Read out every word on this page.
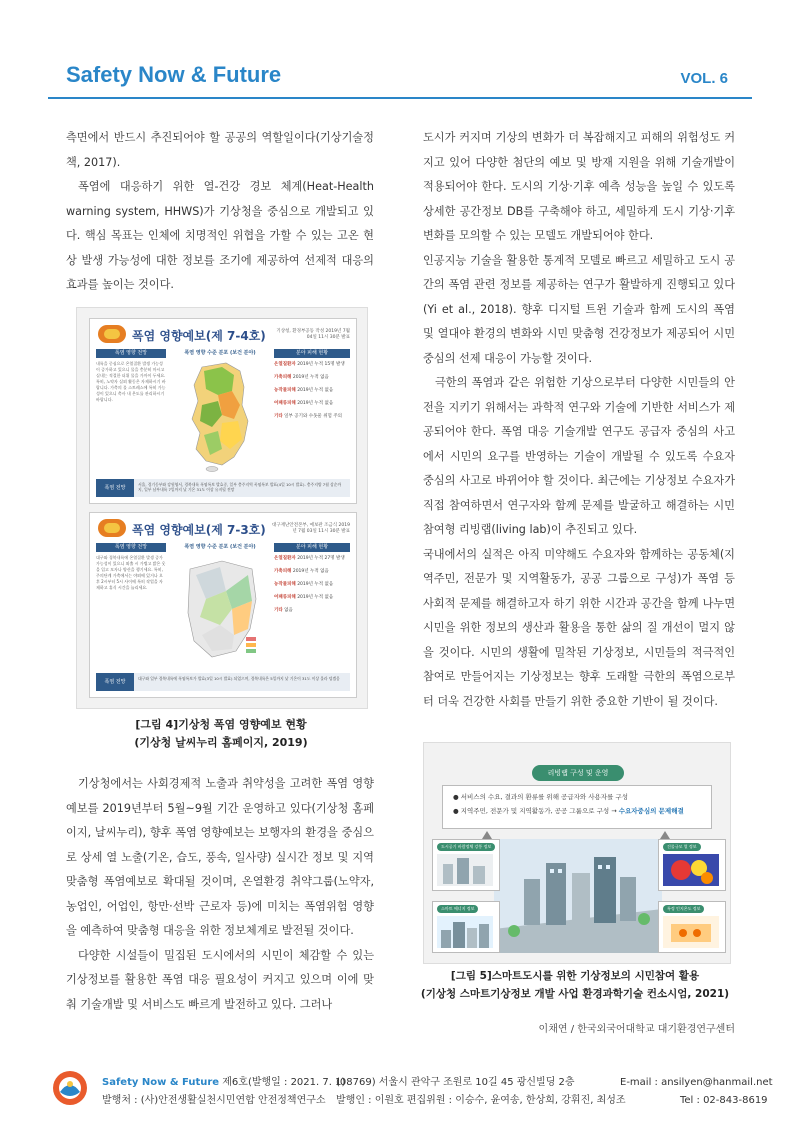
Safety Now & Future	VOL. 6

측면에서 반드시 추진되어야 할 공공의 역할일이다(기상기술정책, 2017).

폭염에 대응하기 위한 열-건강 경보 체계(Heat-Health warning system, HHWS)가 기상청을 중심으로 개발되고 있다. 핵심 목표는 인체에 치명적인 위협을 가할 수 있는 고온 현상 발생 가능성에 대한 정보를 조기에 제공하여 선제적 대응의 효과를 높이는 것이다.

폭염 영향예보(제 7-4호)	기상청, 환경부공동 작성 2019년 7월 04일 11시 30분 발표
폭염 영향 전망	폭염 영향 수준 분포 (보건 분야)	분야 피해 현황
내륙을 중심으로 온열질환 발생 가능성이 증가하고 있으니 물을 충분히 마시고 실내는 적절한 더위 물을 가까이 두세요. 특히, 노약자 실외 활동은 자제하시기 바랍니다. 가축의 물 스트레스에 특히 가능성이 있으니 축사 내 온도를 관리하시기 바랍니다.
온열질환자 2019년 누적 15명 발생
가축피해 2019년 누적 없음
농작물피해 2019년 누적 없음
어패류피해 2019년 누적 없음
기타 일부 공기와 수돗물 위험 주의
폭염 전망
서울, 경기동부와 강원영서, 경북내륙 폭염특보 발효중, 일부 충주지역 폭염특보 발표(4일 10시 발효). 충주지방 7월 상순까지, 일부 남부내륙 7일까지 낮 기온 31도 이상 유지될 전망
폭염 영향예보(제 7-3호)	대구재난안전본부, 예보관 조금식 2019년 7월 03일 11시 30분 발표
폭염 영향 전망	폭염 영향 수준 분포 (보건 분야)	분야 피해 현황
대구와 경북내륙에 온열질환 발생 증가 가능성이 있으니 외출 시 가볍고 밝은 옷을 입고 모자나 양산을 챙기세요. 특히, 주의단계 가축에서는 야외에 있거나 오후 2시부터 5시 사이에 특히 작업을 자제하고 휴식 시간을 늘리세요.
온열질환자 2019년 누적 27명 발생
가축피해 2019년 누적 없음
농작물피해 2019년 누적 없음
어패류피해 2019년 누적 없음
기타 없음
폭염 전망
대구와 일부 경북내륙에 폭염특보가 발효(3일 10시 발효) 되었으며, 경북내륙은 5일까지 낮 기온이 31도 이상 올라 덥겠음
[그림 4]기상청 폭염 영향예보 현황
(기상청 날씨누리 홈페이지, 2019)

기상청에서는 사회경제적 노출과 취약성을 고려한 폭염 영향예보를 2019년부터 5월~9월 기간 운영하고 있다(기상청 홈페이지, 날씨누리), 향후 폭염 영향예보는 보행자의 환경을 중심으로 상세 열 노출(기온, 습도, 풍속, 일사량) 실시간 정보 및 지역 맞춤형 폭염예보로 확대될 것이며, 온열환경 취약그룹(노약자, 농업인, 어업인, 항만·선박 근로자 등)에 미치는 폭염위험 영향을 예측하여 맞춤형 대응을 위한 정보체계로 발전될 것이다.

다양한 시설들이 밀집된 도시에서의 시민이 체감할 수 있는 기상정보를 활용한 폭염 대응 필요성이 커지고 있으며 이에 맞춰 기술개발 및 서비스도 빠르게 발전하고 있다. 그러나

도시가 커지며 기상의 변화가 더 복잡해지고 피해의 위험성도 커지고 있어 다양한 첨단의 예보 및 방재 지원을 위해 기술개발이 적용되어야 한다. 도시의 기상·기후 예측 성능을 높일 수 있도록 상세한 공간정보 DB를 구축해야 하고, 세밀하게 도시 기상·기후 변화를 모의할 수 있는 모델도 개발되어야 한다.

인공지능 기술을 활용한 통계적 모델로 빠르고 세밀하고 도시 공간의 폭염 관련 정보를 제공하는 연구가 활발하게 진행되고 있다(Yi et al., 2018). 향후 디지털 트윈 기술과 함께 도시의 폭염 및 열대야 환경의 변화와 시민 맞춤형 건강정보가 제공되어 시민 중심의 선제 대응이 가능할 것이다.

극한의 폭염과 같은 위험한 기상으로부터 다양한 시민들의 안전을 지키기 위해서는 과학적 연구와 기술에 기반한 서비스가 제공되어야 한다. 폭염 대응 기술개발 연구도 공급자 중심의 사고에서 시민의 요구를 반영하는 기술이 개발될 수 있도록 수요자 중심의 사고로 바뀌어야 할 것이다. 최근에는 기상정보 수요자가 직접 참여하면서 연구자와 함께 문제를 발굴하고 해결하는 시민참여형 리빙랩(living lab)이 추진되고 있다.

국내에서의 실적은 아직 미약해도 수요자와 함께하는 공동체(지역주민, 전문가 및 지역활동가, 공공 그룹으로 구성)가 폭염 등 사회적 문제를 해결하고자 하기 위한 시간과 공간을 함께 나누면 시민을 위한 정보의 생산과 활용을 통한 삶의 질 개선이 멀지 않을 것이다. 시민의 생활에 밀착된 기상정보, 시민들의 적극적인 참여로 만들어지는 기상정보는 향후 도래할 극한의 폭염으로부터 더욱 건강한 사회를 만들기 위한 중요한 기반이 될 것이다.

리빙랩 구성 및 운영
● 서비스의 수요, 결과의 환류를 위해 공급자와 사용자를 구성
● 지역주민, 전문가 및 지역활동가, 공공 그룹으로 구성 → 수요자중심의 문제해결
도시공기 바람정체 강풍 정보	건물규모 열 정보
스마트 에너지 정보	특정 인지온도 정보
[그림 5]스마트도시를 위한 기상정보의 시민참여 활용
(기상청 스마트기상정보 개발 사업 환경과학기술 컨소시엄, 2021)
이채연 / 한국외국어대학교 대기환경연구센터
Safety Now & Future 제6호(발행일 : 2021. 7. 1)
(08769) 서울시 관악구 조원로 10길 45 광신빌딩 2층	E-mail : ansilyen@hanmail.net
발행처 : (사)안전생활실천시민연합 안전정책연구소 발행인 : 이원호 편집위원 : 이승수, 윤여송, 한상희, 강휘진, 최성조	Tel : 02-843-8619
